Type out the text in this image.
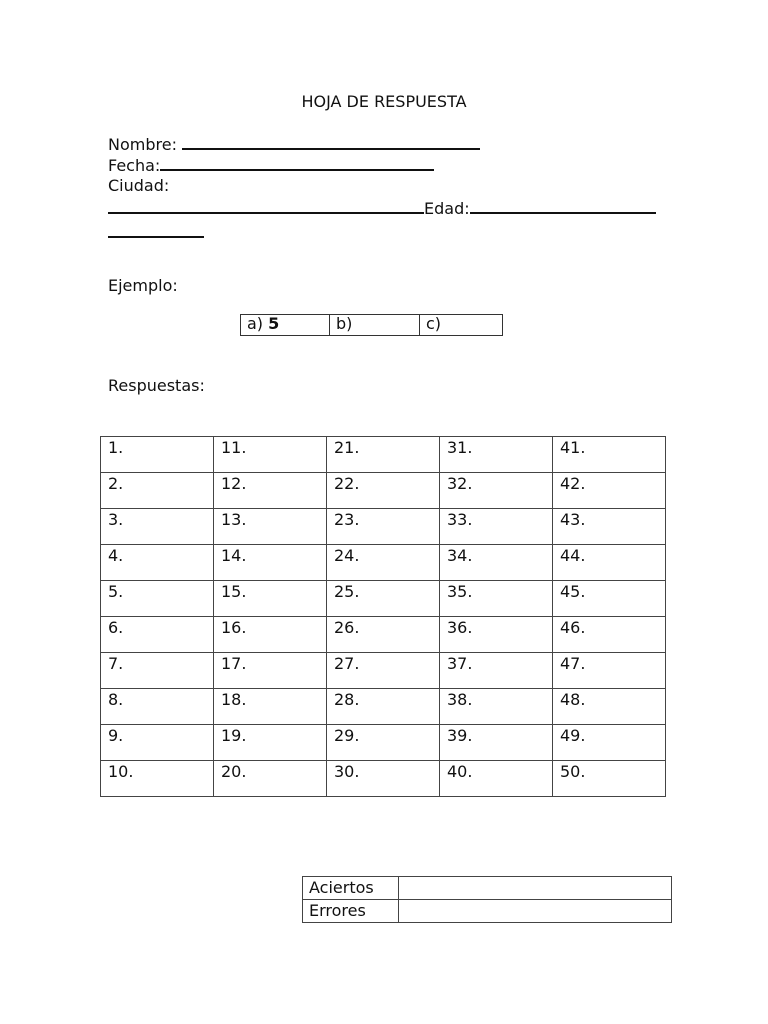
HOJA DE RESPUESTA
Nombre:
Fecha:
Ciudad:
Edad:
Ejemplo:
a) 5	b)	c)
Respuestas:
1.	11.	21.	31.	41.
2.	12.	22.	32.	42.
3.	13.	23.	33.	43.
4.	14.	24.	34.	44.
5.	15.	25.	35.	45.
6.	16.	26.	36.	46.
7.	17.	27.	37.	47.
8.	18.	28.	38.	48.
9.	19.	29.	39.	49.
10.	20.	30.	40.	50.
Aciertos	
Errores	
